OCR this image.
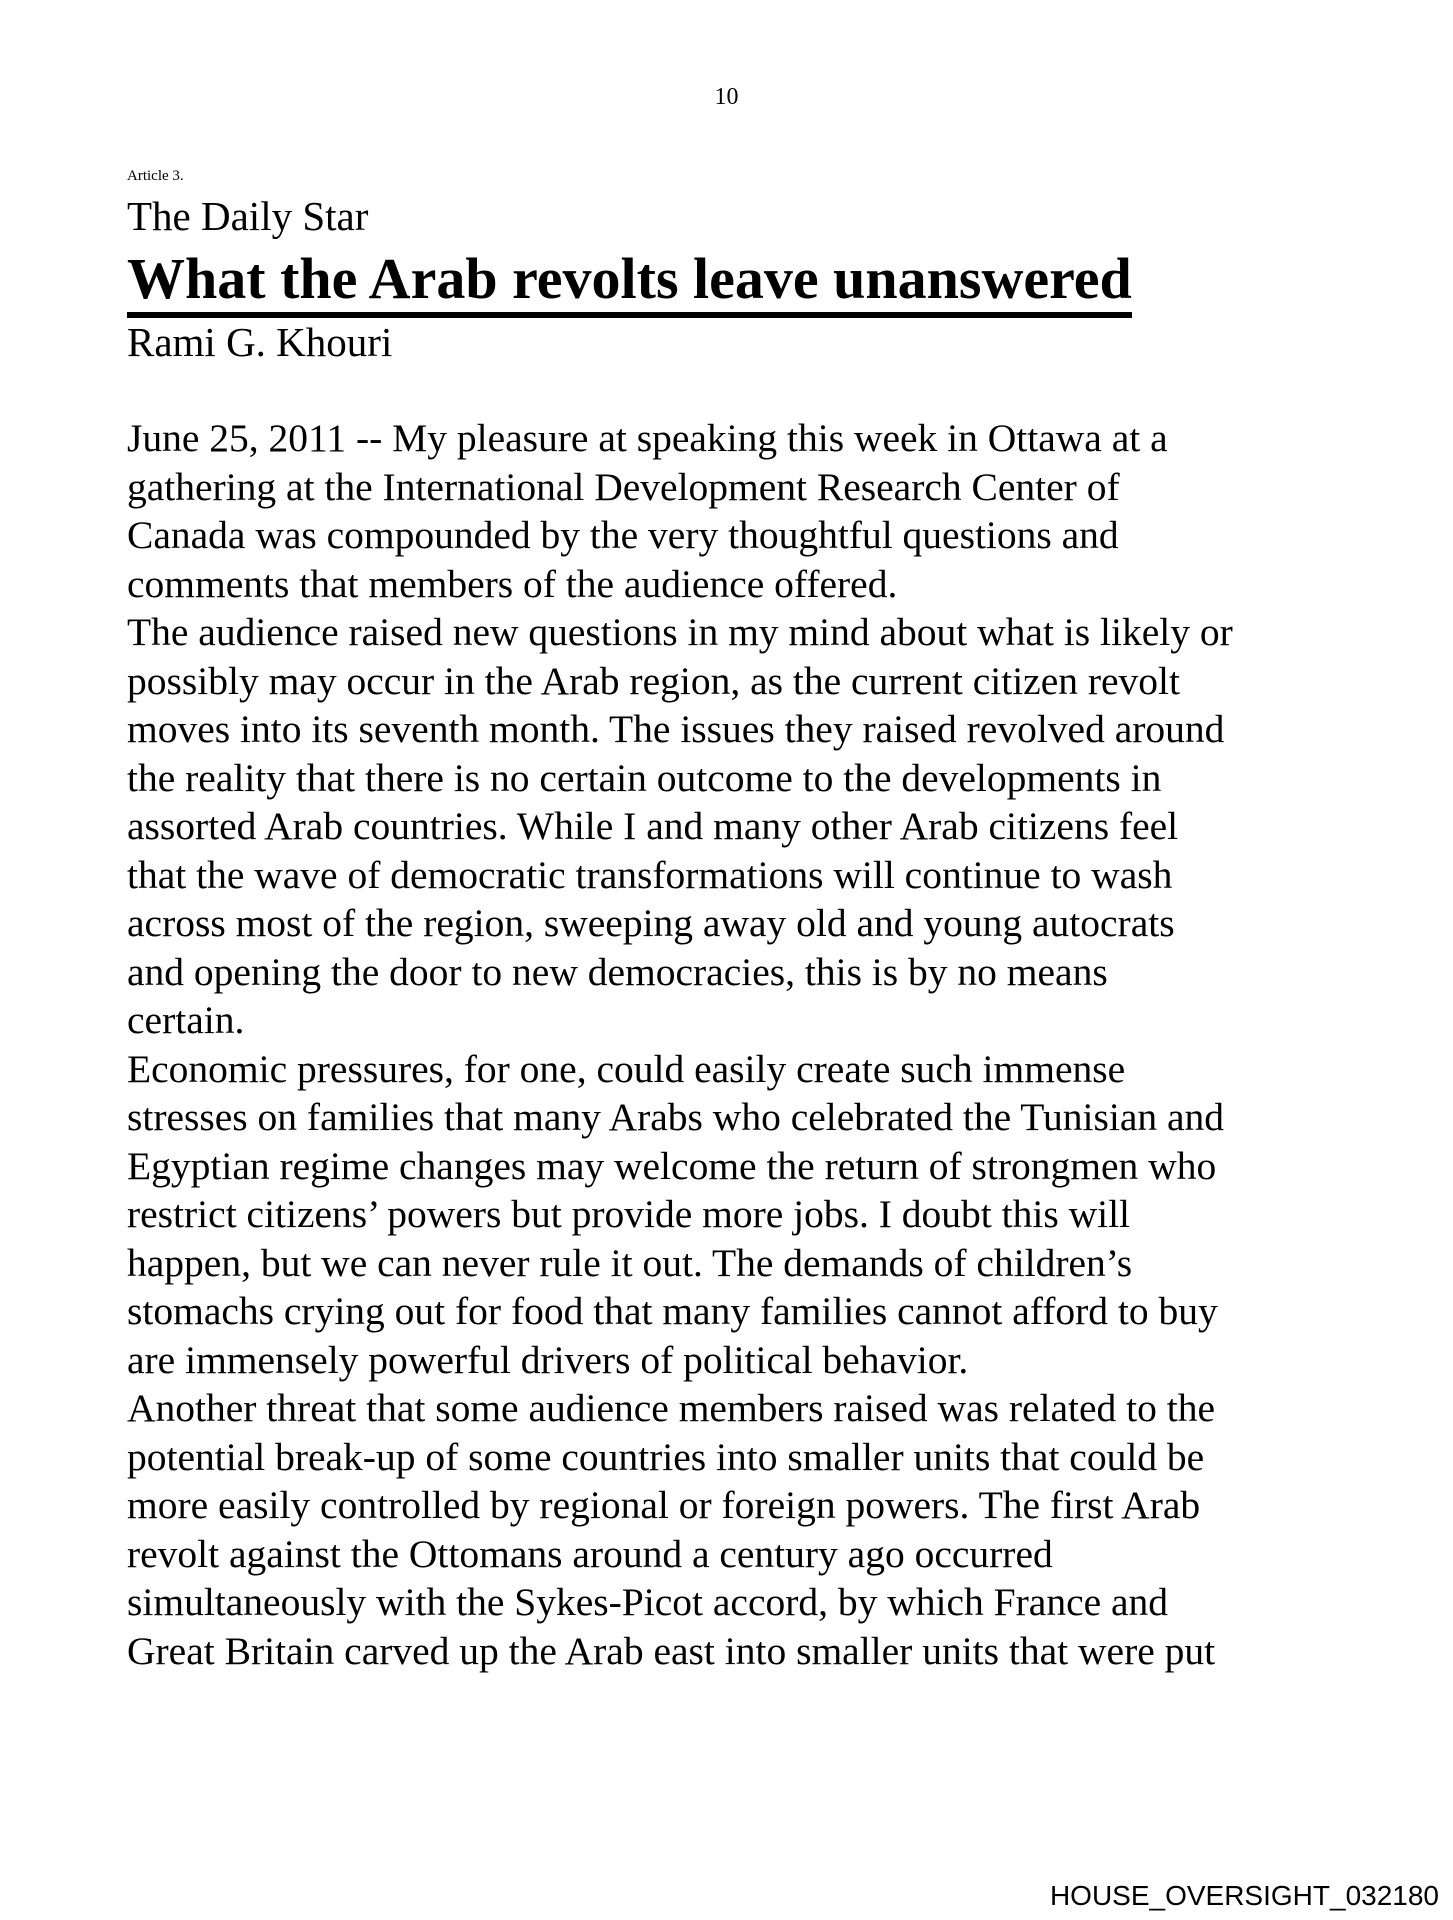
10
Article 3.
The Daily Star
What the Arab revolts leave unanswered
Rami G. Khouri
June 25, 2011 -- My pleasure at speaking this week in Ottawa at a
gathering at the International Development Research Center of
Canada was compounded by the very thoughtful questions and
comments that members of the audience offered.
The audience raised new questions in my mind about what is likely or
possibly may occur in the Arab region, as the current citizen revolt
moves into its seventh month. The issues they raised revolved around
the reality that there is no certain outcome to the developments in
assorted Arab countries. While I and many other Arab citizens feel
that the wave of democratic transformations will continue to wash
across most of the region, sweeping away old and young autocrats
and opening the door to new democracies, this is by no means
certain.
Economic pressures, for one, could easily create such immense
stresses on families that many Arabs who celebrated the Tunisian and
Egyptian regime changes may welcome the return of strongmen who
restrict citizens’ powers but provide more jobs. I doubt this will
happen, but we can never rule it out. The demands of children’s
stomachs crying out for food that many families cannot afford to buy
are immensely powerful drivers of political behavior.
Another threat that some audience members raised was related to the
potential break-up of some countries into smaller units that could be
more easily controlled by regional or foreign powers. The first Arab
revolt against the Ottomans around a century ago occurred
simultaneously with the Sykes-Picot accord, by which France and
Great Britain carved up the Arab east into smaller units that were put
HOUSE_OVERSIGHT_032180
